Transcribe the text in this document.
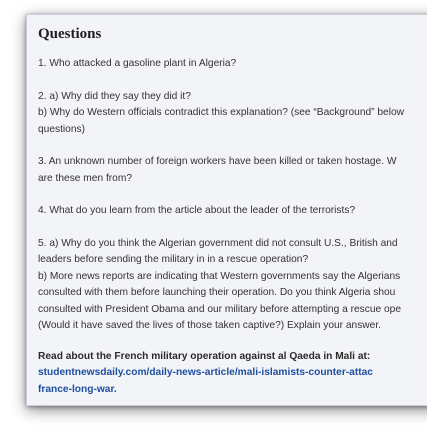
Questions
1. Who attacked a gasoline plant in Algeria?
2. a) Why did they say they did it?
b) Why do Western officials contradict this explanation? (see “Background” below
questions)
3. An unknown number of foreign workers have been killed or taken hostage. W
are these men from?
4. What do you learn from the article about the leader of the terrorists?
5. a) Why do you think the Algerian government did not consult U.S., British and
leaders before sending the military in in a rescue operation?
b) More news reports are indicating that Western governments say the Algerians
consulted with them before launching their operation. Do you think Algeria shou
consulted with President Obama and our military before attempting a rescue ope
(Would it have saved the lives of those taken captive?) Explain your answer.
Read about the French military operation against al Qaeda in Mali at:
studentnewsdaily.com/daily-news-article/mali-islamists-counter-attac
france-long-war.
